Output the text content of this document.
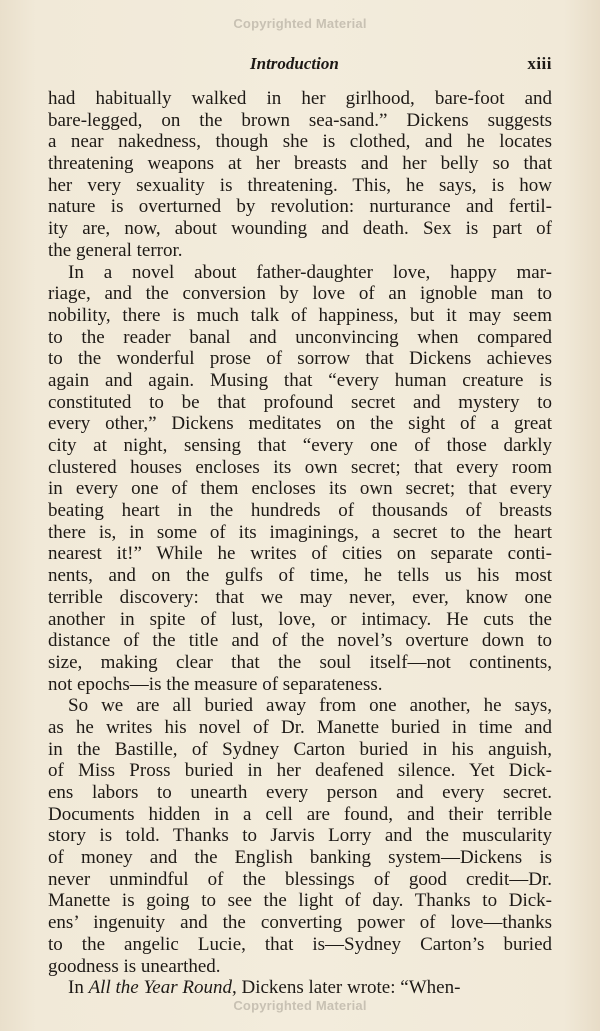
Copyrighted Material
Introduction	xiii
had habitually walked in her girlhood, bare-foot and
bare-legged, on the brown sea-sand.” Dickens suggests
a near nakedness, though she is clothed, and he locates
threatening weapons at her breasts and her belly so that
her very sexuality is threatening. This, he says, is how
nature is overturned by revolution: nurturance and fertil-
ity are, now, about wounding and death. Sex is part of
the general terror.
In a novel about father-daughter love, happy mar-
riage, and the conversion by love of an ignoble man to
nobility, there is much talk of happiness, but it may seem
to the reader banal and unconvincing when compared
to the wonderful prose of sorrow that Dickens achieves
again and again. Musing that “every human creature is
constituted to be that profound secret and mystery to
every other,” Dickens meditates on the sight of a great
city at night, sensing that “every one of those darkly
clustered houses encloses its own secret; that every room
in every one of them encloses its own secret; that every
beating heart in the hundreds of thousands of breasts
there is, in some of its imaginings, a secret to the heart
nearest it!” While he writes of cities on separate conti-
nents, and on the gulfs of time, he tells us his most
terrible discovery: that we may never, ever, know one
another in spite of lust, love, or intimacy. He cuts the
distance of the title and of the novel’s overture down to
size, making clear that the soul itself—not continents,
not epochs—is the measure of separateness.
So we are all buried away from one another, he says,
as he writes his novel of Dr. Manette buried in time and
in the Bastille, of Sydney Carton buried in his anguish,
of Miss Pross buried in her deafened silence. Yet Dick-
ens labors to unearth every person and every secret.
Documents hidden in a cell are found, and their terrible
story is told. Thanks to Jarvis Lorry and the muscularity
of money and the English banking system—Dickens is
never unmindful of the blessings of good credit—Dr.
Manette is going to see the light of day. Thanks to Dick-
ens’ ingenuity and the converting power of love—thanks
to the angelic Lucie, that is—Sydney Carton’s buried
goodness is unearthed.
In All the Year Round, Dickens later wrote: “When-
Copyrighted Material
